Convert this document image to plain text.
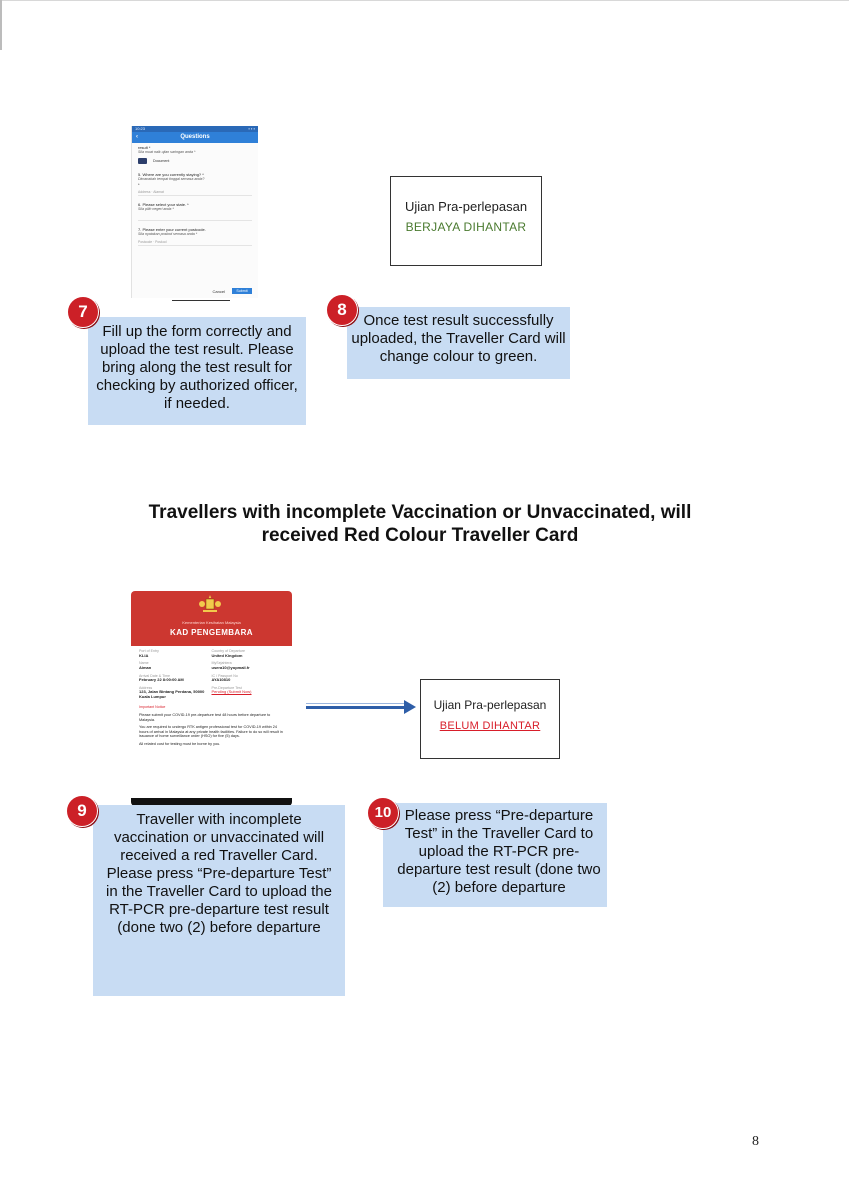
10:23	▪ ▪ ▪
‹	Questions
result *
Sila muat naik ujian saringan anda *
Document
5. Where are you currently staying? *
Dimanakah tempat tinggal semasa anda?
*
Address · Alamat
6. Please select your state. *
Sila pilih negeri anda *
7. Please enter your current postcode.
Sila nyatakan poskod semasa anda *
Postcode · Poskod
Cancel	Submit
Fill up the form correctly and upload the test result. Please bring along the test result for checking by authorized officer, if needed.
7
Ujian Pra-perlepasan
BERJAYA DIHANTAR
Once test result successfully uploaded, the Traveller Card will change colour to green.
8
Travellers with incomplete Vaccination or Unvaccinated, will
received Red Colour Traveller Card
Kementerian Kesihatan Malaysia
KAD PENGEMBARA
Port of Entry
KLIA
Country of Departure
United Kingdom
Name
Aiman
MySejahtera
usera10@yopmail.fr
Arrival Date & Time
February 22 8:00:00 AM
IC / Passport No
AYA10810
Address
123, Jalan Bintang Perdana, 50000 Kuala Lumpur
Pre-Departure Test
Pending (Submit Now)
Important Notice
Please submit your COVID-19 pre-departure test 48 hours before departure to Malaysia.
You are required to undergo RTK antigen professional test for COVID-19 within 24 hours of arrival in Malaysia at any private health facilities. Failure to do so will result in issuance of home surveillance order (HSO) for five (5) days.
All related cost for testing must be borne by you.
Ujian Pra-perlepasan
BELUM DIHANTAR
Traveller with incomplete vaccination or unvaccinated will received a red Traveller Card. Please press “Pre-departure Test” in the Traveller Card to upload the RT-PCR pre-departure test result (done two (2) before departure
9	Please press “Pre-departure Test” in the Traveller Card to upload the RT-PCR pre-departure test result (done two (2) before departure
10
8
